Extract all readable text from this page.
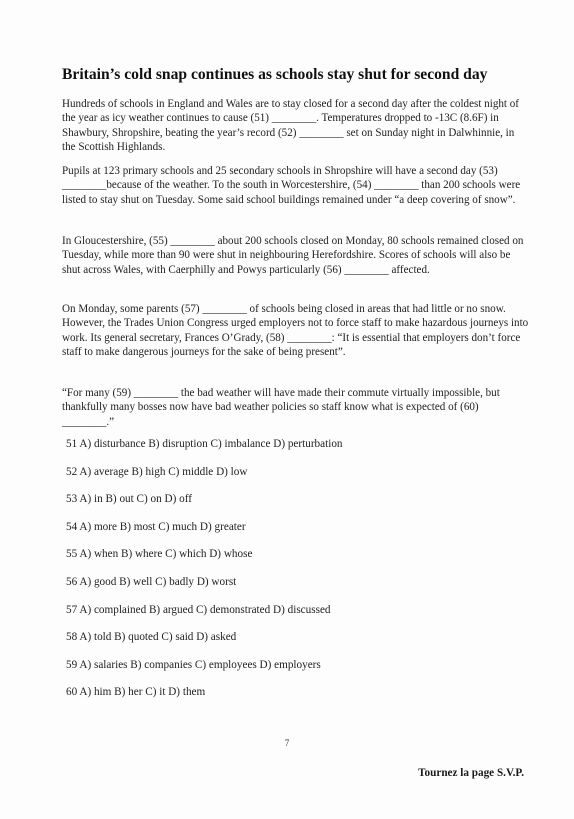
Britain’s cold snap continues as schools stay shut for second day

Hundreds of schools in England and Wales are to stay closed for a second day after the coldest night of the year as icy weather continues to cause (51) ________. Temperatures dropped to -13C (8.6F) in Shawbury, Shropshire, beating the year’s record (52) ________ set on Sunday night in Dalwhinnie, in the Scottish Highlands.

Pupils at 123 primary schools and 25 secondary schools in Shropshire will have a second day (53) ________because of the weather. To the south in Worcestershire, (54) ________ than 200 schools were listed to stay shut on Tuesday. Some said school buildings remained under “a deep covering of snow”.

In Gloucestershire, (55) ________ about 200 schools closed on Monday, 80 schools remained closed on Tuesday, while more than 90 were shut in neighbouring Herefordshire. Scores of schools will also be shut across Wales, with Caerphilly and Powys particularly (56) ________ affected.

On Monday, some parents (57) ________ of schools being closed in areas that had little or no snow. However, the Trades Union Congress urged employers not to force staff to make hazardous journeys into work. Its general secretary, Frances O’Grady, (58) ________: “It is essential that employers don’t force staff to make dangerous journeys for the sake of being present”.

“For many (59) ________ the bad weather will have made their commute virtually impossible, but thankfully many bosses now have bad weather policies so staff know what is expected of (60) ________.”

51 A) disturbance B) disruption C) imbalance D) perturbation
52 A) average B) high C) middle D) low
53 A) in B) out C) on D) off
54 A) more B) most C) much D) greater
55 A) when B) where C) which D) whose
56 A) good B) well C) badly D) worst
57 A) complained B) argued C) demonstrated D) discussed
58 A) told B) quoted C) said D) asked
59 A) salaries B) companies C) employees D) employers
60 A) him B) her C) it D) them
7
Tournez la page S.V.P.
